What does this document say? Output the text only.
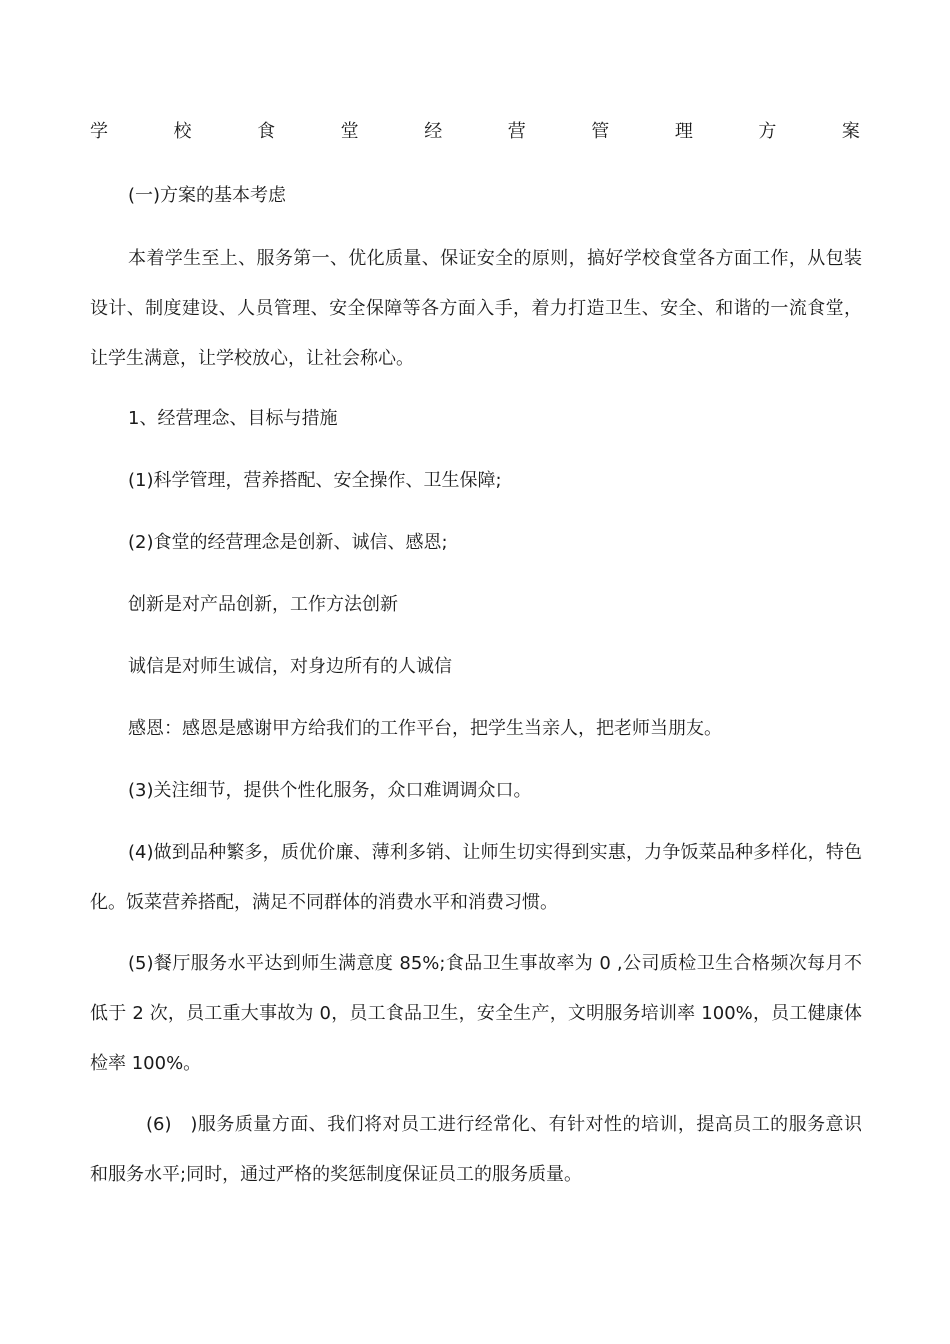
学	校	食	堂	经	营	管	理	方	案
(一)方案的基本考虑
本着学生至上、服务第一、优化质量、保证安全的原则，搞好学校食堂各方面工作，从包装设计、制度建设、人员管理、安全保障等各方面入手，着力打造卫生、安全、和谐的一流食堂，让学生满意，让学校放心，让社会称心。
1、经营理念、目标与措施
(1)科学管理，营养搭配、安全操作、卫生保障;
(2)食堂的经营理念是创新、诚信、感恩;
创新是对产品创新，工作方法创新
诚信是对师生诚信，对身边所有的人诚信
感恩：感恩是感谢甲方给我们的工作平台，把学生当亲人，把老师当朋友。
(3)关注细节，提供个性化服务，众口难调调众口。
(4)做到品种繁多，质优价廉、薄利多销、让师生切实得到实惠，力争饭菜品种多样化，特色化。饭菜营养搭配，满足不同群体的消费水平和消费习惯。
(5)餐厅服务水平达到师生满意度 85%;食品卫生事故率为 0 ,公司质检卫生合格频次每月不低于 2 次，员工重大事故为 0，员工食品卫生，安全生产，文明服务培训率 100%，员工健康体检率 100%。
(6)　)服务质量方面、我们将对员工进行经常化、有针对性的培训，提高员工的服务意识和服务水平;同时，通过严格的奖惩制度保证员工的服务质量。
